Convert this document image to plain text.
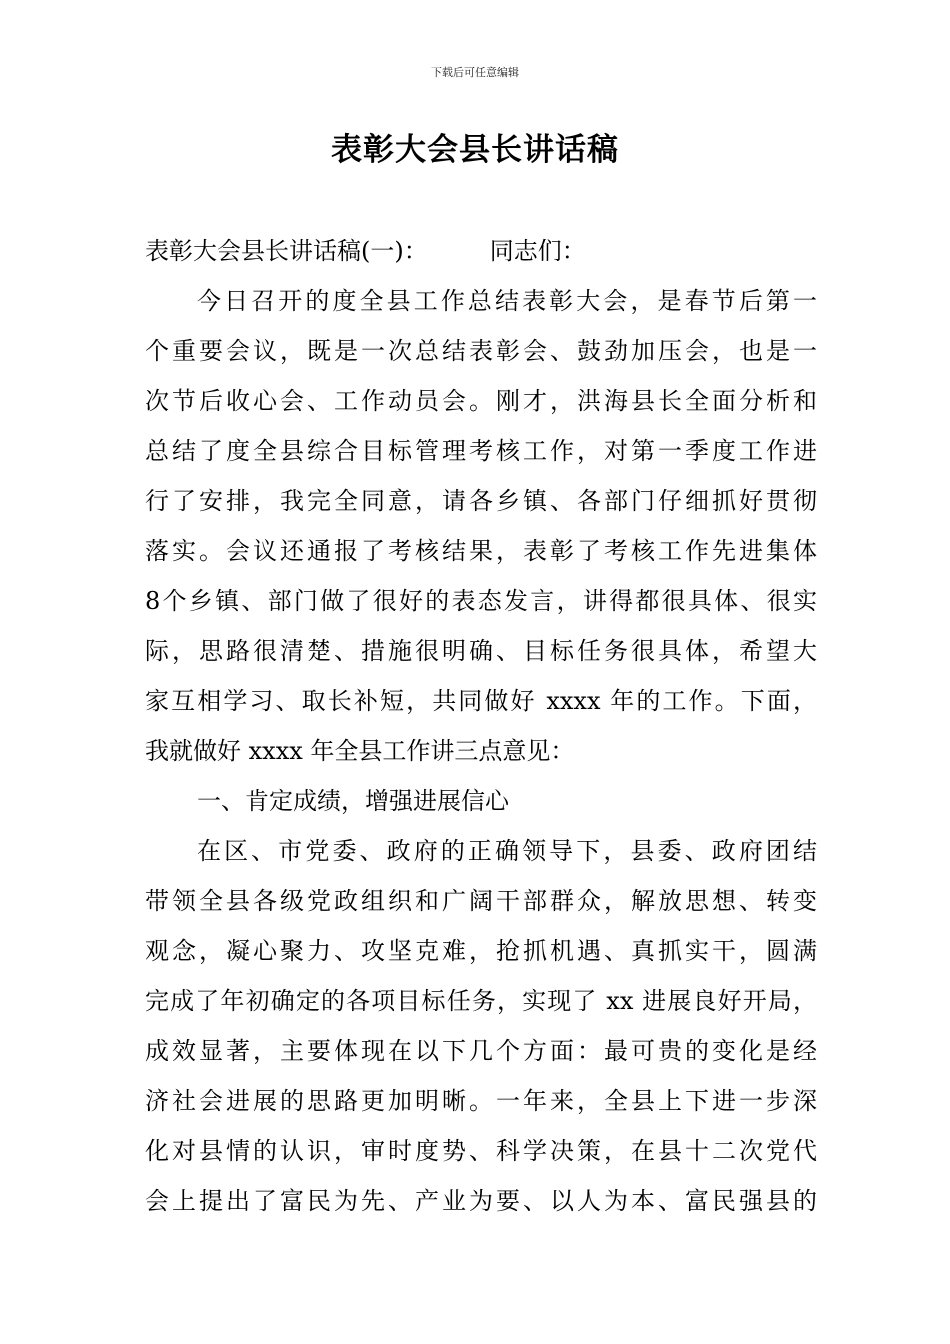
下载后可任意编辑
表彰大会县长讲话稿
表彰大会县长讲话稿(一)：	同志们：
今日召开的度全县工作总结表彰大会，是春节后第一
个重要会议，既是一次总结表彰会、鼓劲加压会，也是一
次节后收心会、工作动员会。刚才，洪海县长全面分析和
总结了度全县综合目标管理考核工作，对第一季度工作进
行了安排，我完全同意，请各乡镇、各部门仔细抓好贯彻
落实。会议还通报了考核结果，表彰了考核工作先进集体
8个乡镇、部门做了很好的表态发言，讲得都很具体、很实
际，思路很清楚、措施很明确、目标任务很具体，希望大
家互相学习、取长补短，共同做好 xxxx 年的工作。下面，
我就做好 xxxx 年全县工作讲三点意见：
一、肯定成绩，增强进展信心
在区、市党委、政府的正确领导下，县委、政府团结
带领全县各级党政组织和广阔干部群众，解放思想、转变
观念，凝心聚力、攻坚克难，抢抓机遇、真抓实干，圆满
完成了年初确定的各项目标任务，实现了 xx 进展良好开局，
成效显著，主要体现在以下几个方面：最可贵的变化是经
济社会进展的思路更加明晰。一年来，全县上下进一步深
化对县情的认识，审时度势、科学决策，在县十二次党代
会上提出了富民为先、产业为要、以人为本、富民强县的
